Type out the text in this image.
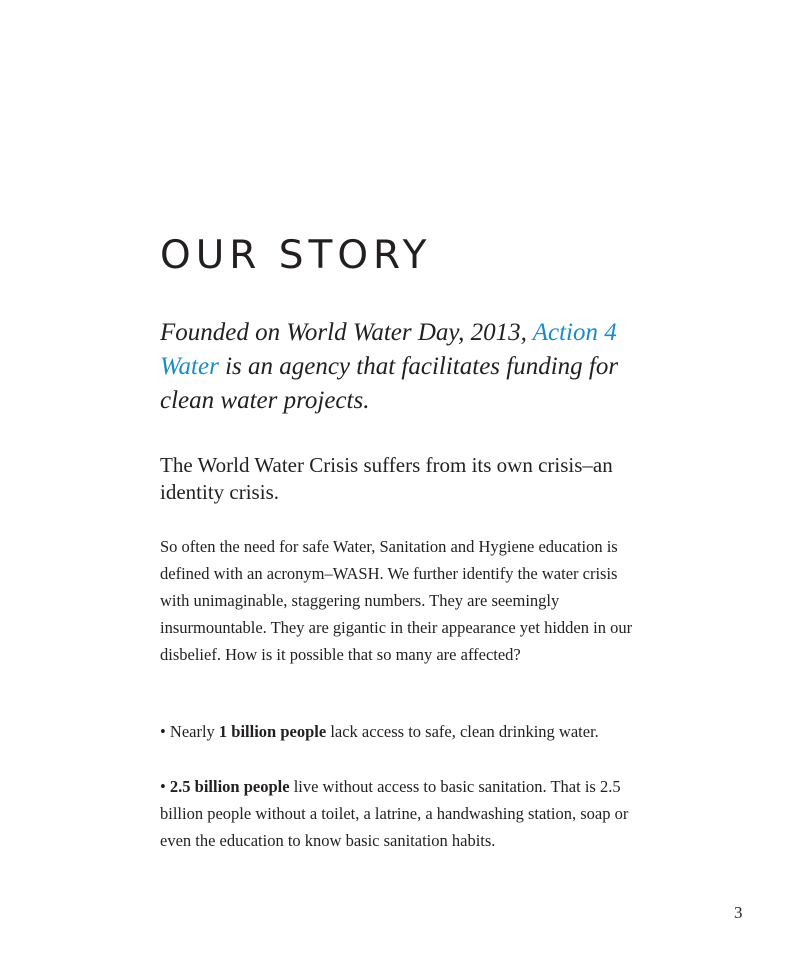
OUR STORY

Founded on World Water Day, 2013, Action 4 Water is an agency that facilitates funding for clean water projects.

The World Water Crisis suffers from its own crisis–an identity crisis.

So often the need for safe Water, Sanitation and Hygiene education is defined with an acronym–WASH. We further identify the water crisis with unimaginable, staggering numbers. They are seemingly insurmountable. They are gigantic in their appearance yet hidden in our disbelief. How is it possible that so many are affected?

• Nearly 1 billion people lack access to safe, clean drinking water.

• 2.5 billion people live without access to basic sanitation. That is 2.5 billion people without a toilet, a latrine, a handwashing station, soap or even the education to know basic sanitation habits.

3
